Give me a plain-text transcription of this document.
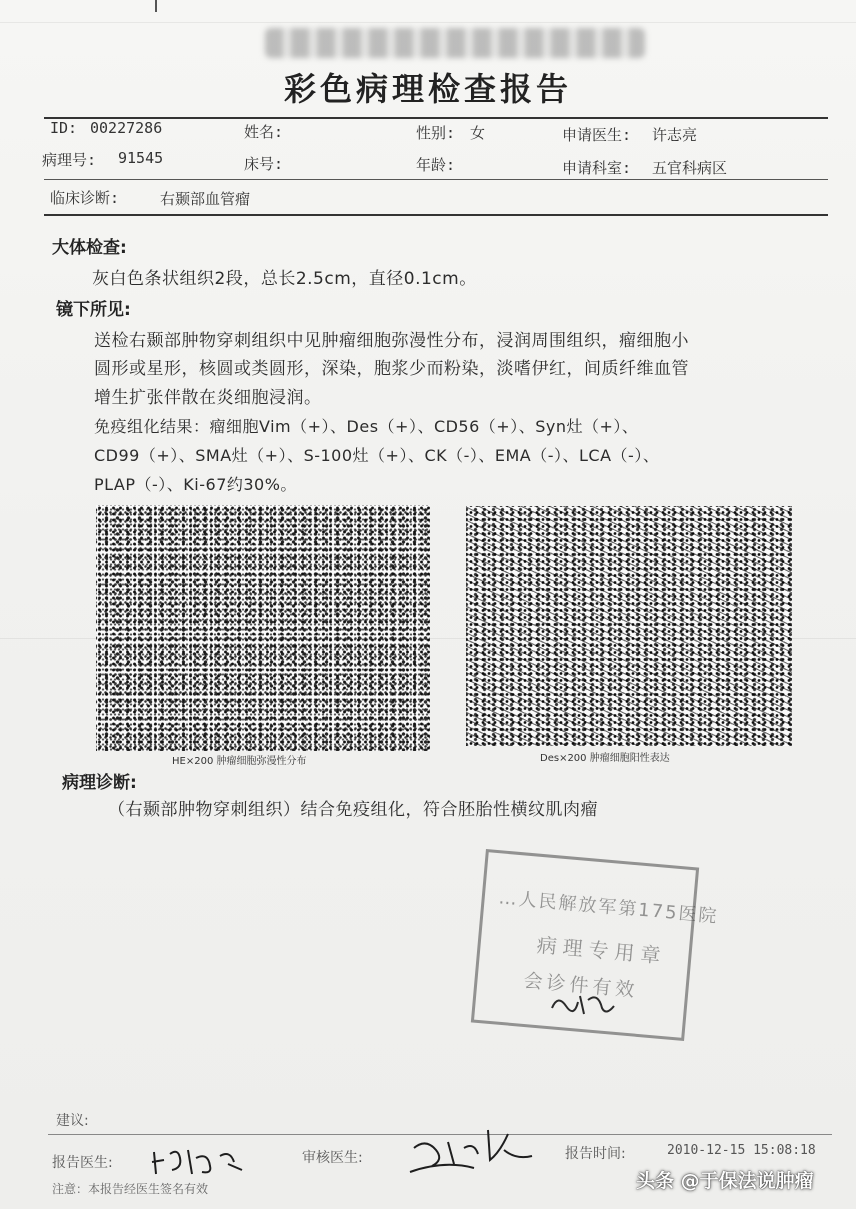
彩色病理检查报告
ID: 00227286	姓名:	性别: 女	申请医生: 许志亮
病理号: 91545	床号:	年龄:	申请科室: 五官科病区
临床诊断:	右颞部血管瘤
大体检查:
灰白色条状组织2段，总长2.5cm，直径0.1cm。
镜下所见:
送检右颞部肿物穿刺组织中见肿瘤细胞弥漫性分布，浸润周围组织，瘤细胞小
圆形或星形，核圆或类圆形，深染，胞浆少而粉染，淡嗜伊红，间质纤维血管
增生扩张伴散在炎细胞浸润。
免疫组化结果：瘤细胞Vim（+）、Des（+）、CD56（+）、Syn灶（+）、
CD99（+）、SMA灶（+）、S-100灶（+）、CK（-）、EMA（-）、LCA（-）、
PLAP（-）、Ki-67约30%。
HE×200 肿瘤细胞弥漫性分布	Des×200 肿瘤细胞阳性表达
病理诊断:
（右颞部肿物穿刺组织）结合免疫组化，符合胚胎性横纹肌肉瘤
…人民解放军第175医院
病理专用章
会诊件有效
建议:
报告医生:	审核医生:	报告时间:	2010-12-15 15:08:18
注意：本报告经医生签名有效	头条 @于保法说肿瘤
